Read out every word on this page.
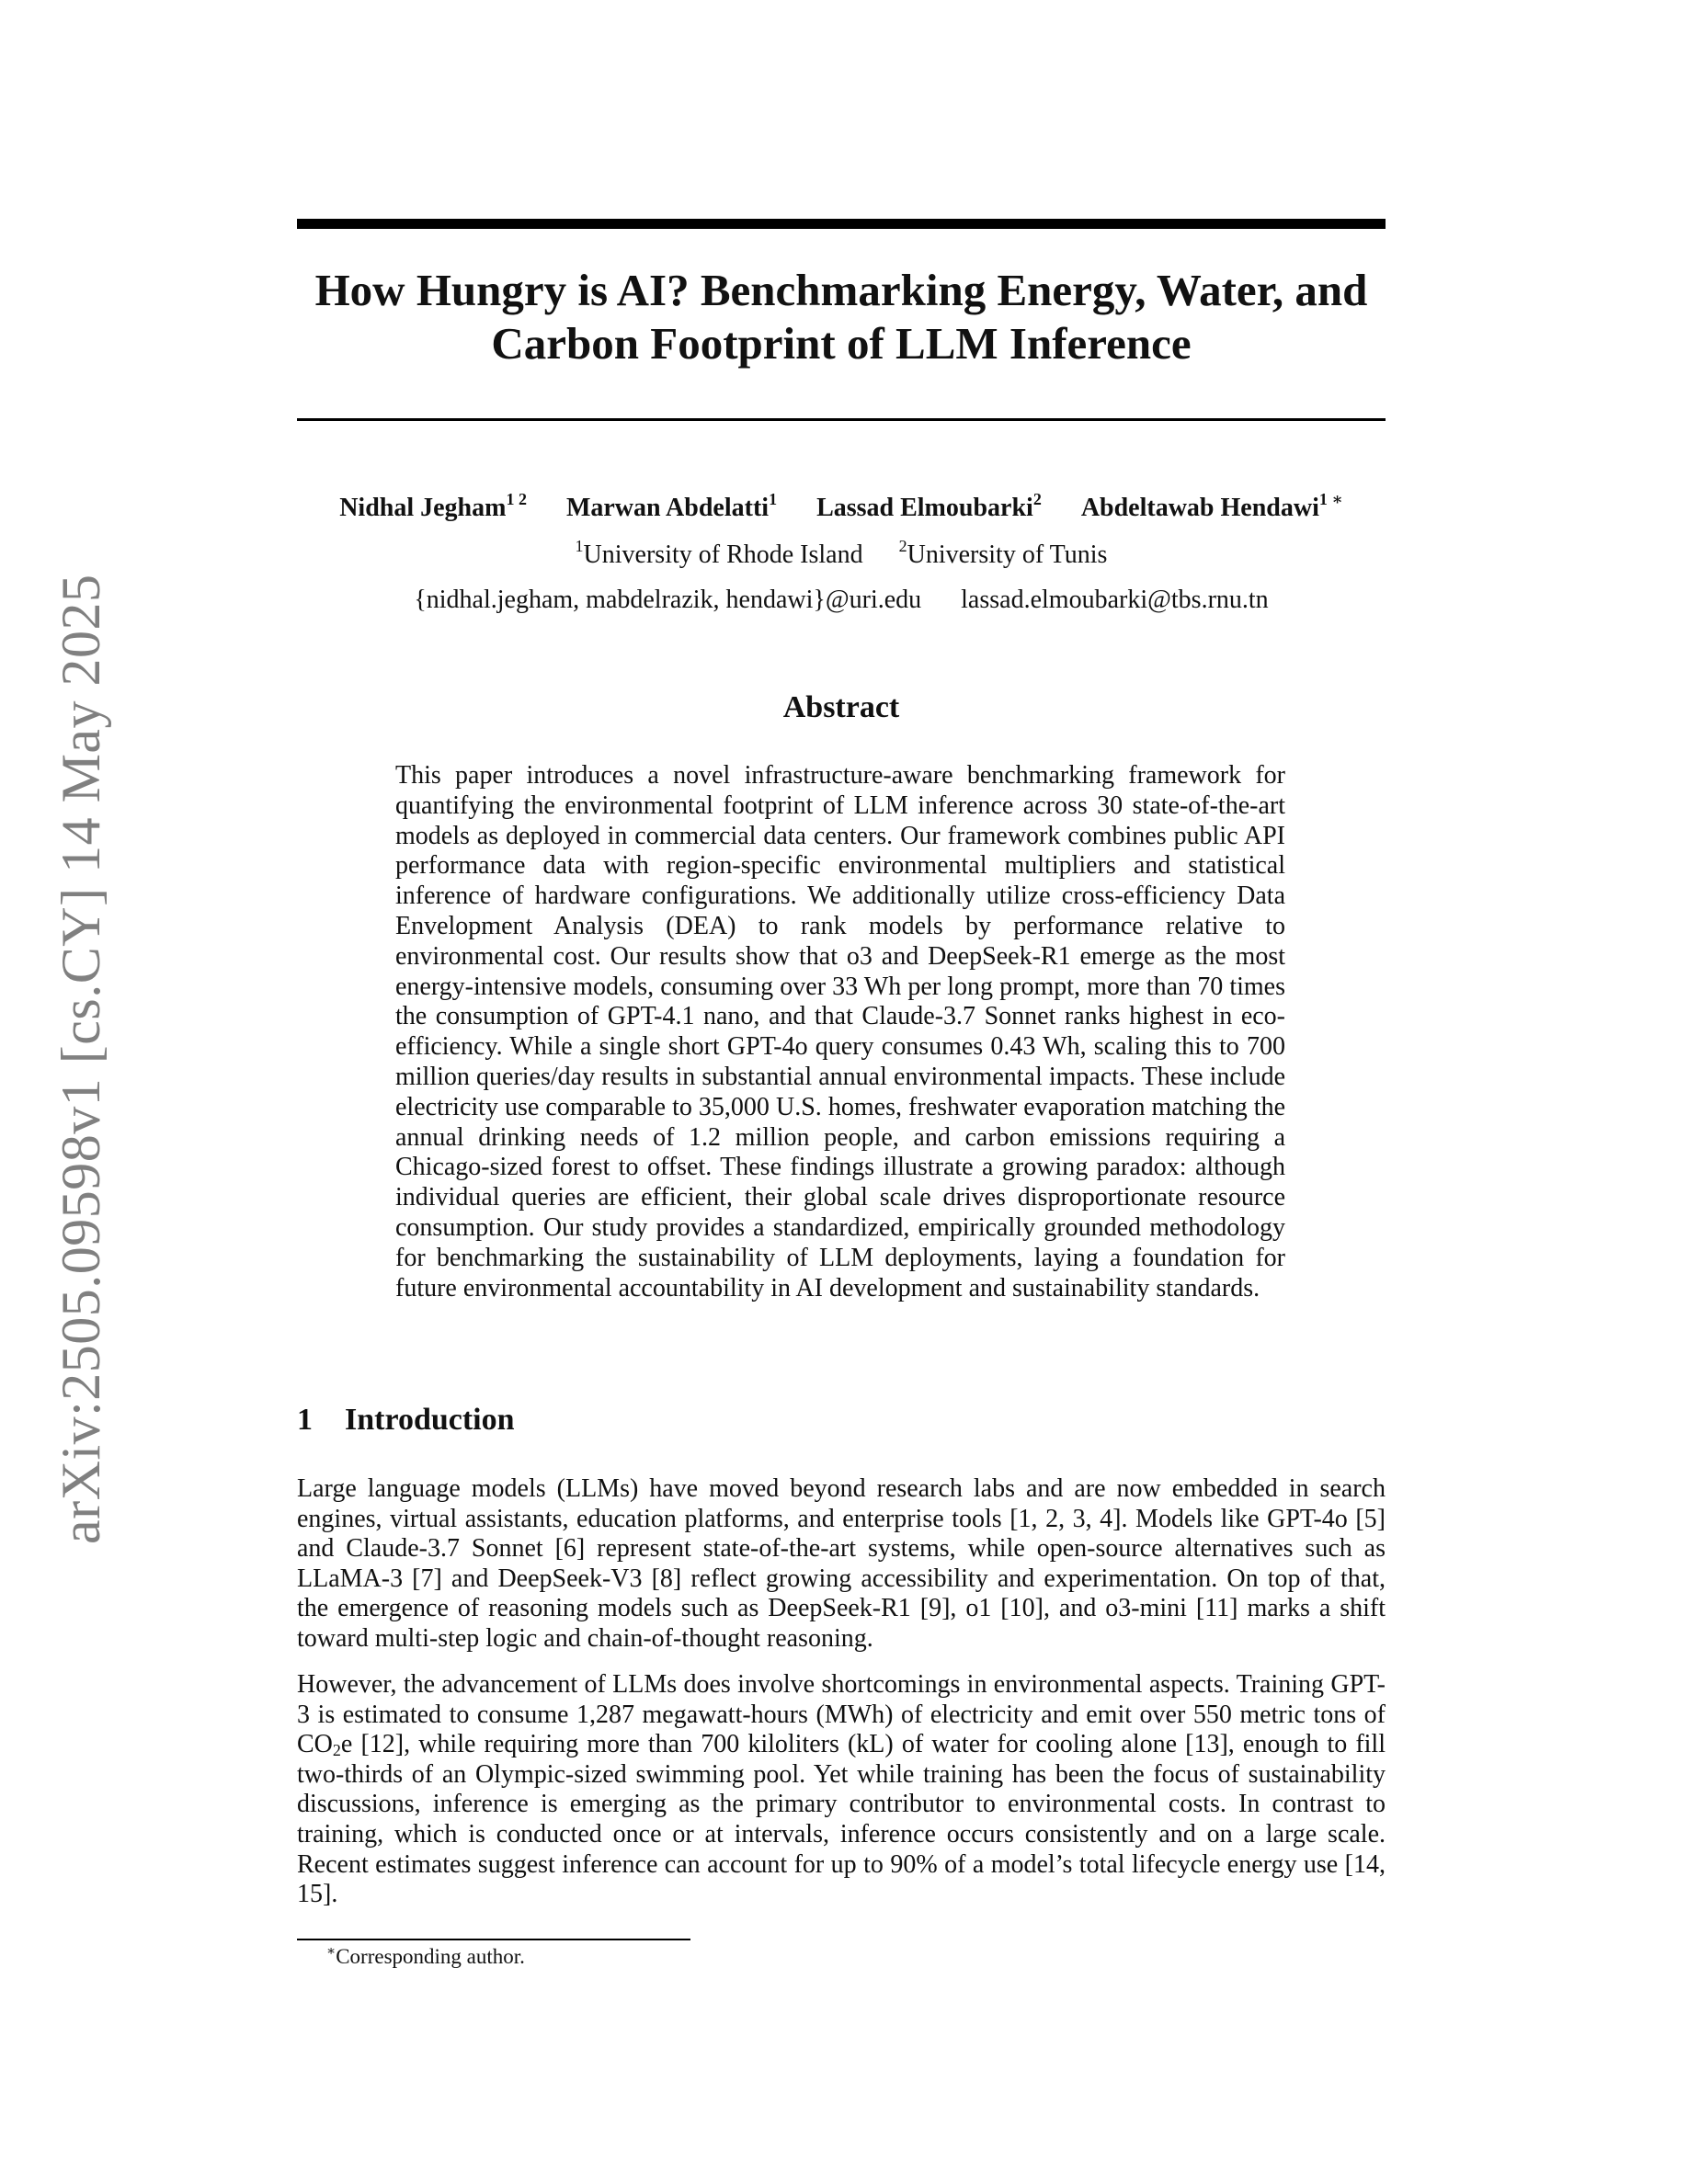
arXiv:2505.09598v1 [cs.CY] 14 May 2025
How Hungry is AI? Benchmarking Energy, Water, and
Carbon Footprint of LLM Inference
Nidhal Jegham$^{1 2}$ Marwan Abdelatti$^1$ Lassad Elmoubarki$^2$ Abdeltawab Hendawi$^{1 ∗}$
$^1$University of Rhode Island $^2$University of Tunis
{nidhal.jegham, mabdelrazik, hendawi}@uri.edu lassad.elmoubarki@tbs.rnu.tn
Abstract
This paper introduces a novel infrastructure-aware benchmarking framework for quantifying the environmental footprint of LLM inference across 30 state-of-the-art models as deployed in commercial data centers. Our framework combines public API performance data with region-specific environmental multipliers and statistical inference of hardware configurations. We additionally utilize cross-efficiency Data Envelopment Analysis (DEA) to rank models by performance relative to environmental cost. Our results show that o3 and DeepSeek-R1 emerge as the most energy-intensive models, consuming over 33 Wh per long prompt, more than 70 times the consumption of GPT-4.1 nano, and that Claude-3.7 Sonnet ranks highest in eco-efficiency. While a single short GPT-4o query consumes 0.43 Wh, scaling this to 700 million queries/day results in substantial annual environmental impacts. These include electricity use comparable to 35,000 U.S. homes, freshwater evaporation matching the annual drinking needs of 1.2 million people, and carbon emissions requiring a Chicago-sized forest to offset. These findings illustrate a growing paradox: although individual queries are efficient, their global scale drives disproportionate resource consumption. Our study provides a standardized, empirically grounded methodology for benchmarking the sustainability of LLM deployments, laying a foundation for future environmental accountability in AI development and sustainability standards.
1 Introduction

Large language models (LLMs) have moved beyond research labs and are now embedded in search engines, virtual assistants, education platforms, and enterprise tools [1, 2, 3, 4]. Models like GPT-4o [5] and Claude-3.7 Sonnet [6] represent state-of-the-art systems, while open-source alternatives such as LLaMA-3 [7] and DeepSeek-V3 [8] reflect growing accessibility and experimentation. On top of that, the emergence of reasoning models such as DeepSeek-R1 [9], o1 [10], and o3-mini [11] marks a shift toward multi-step logic and chain-of-thought reasoning.

However, the advancement of LLMs does involve shortcomings in environmental aspects. Training GPT-3 is estimated to consume 1,287 megawatt-hours (MWh) of electricity and emit over 550 metric tons of $CO_2e$ [12], while requiring more than 700 kiloliters (kL) of water for cooling alone [13], enough to fill two-thirds of an Olympic-sized swimming pool. Yet while training has been the focus of sustainability discussions, inference is emerging as the primary contributor to environmental costs. In contrast to training, which is conducted once or at intervals, inference occurs consistently and on a large scale. Recent estimates suggest inference can account for up to 90% of a model’s total lifecycle energy use [14, 15].

∗Corresponding author.
